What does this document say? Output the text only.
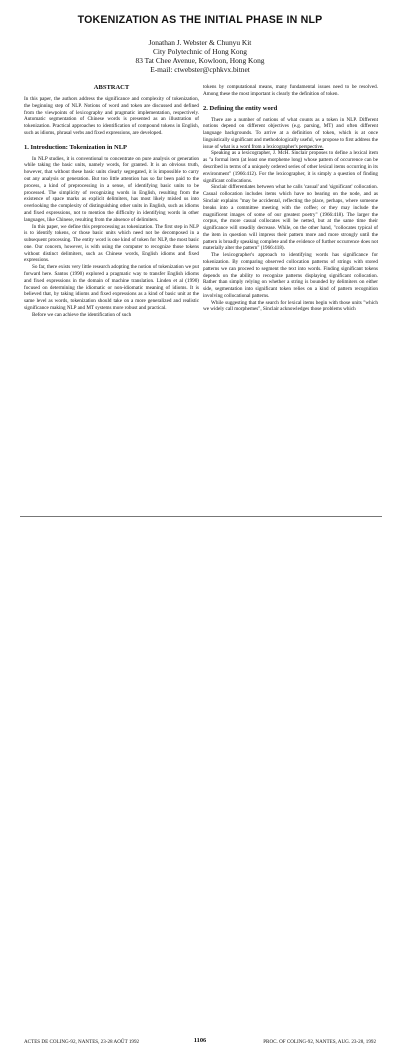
TOKENIZATION AS THE INITIAL PHASE IN NLP
Jonathan J. Webster & Chunyu Kit
City Polytechnic of Hong Kong
83 Tat Chee Avenue, Kowloon, Hong Kong
E-mail: ctwebster@cphkvx.bitnet
ABSTRACT

In this paper, the authors address the significance and complexity of tokenization, the beginning step of NLP. Notions of word and token are discussed and defined from the viewpoints of lexicography and pragmatic implementation, respectively. Automatic segmentation of Chinese words is presented as an illustration of tokenization. Practical approaches to identification of compound tokens in English, such as idioms, phrasal verbs and fixed expressions, are developed.

1. Introduction: Tokenization in NLP

In NLP studies, it is conventional to concentrate on pure analysis or generation while taking the basic units, namely words, for granted. It is an obvious truth, however, that without these basic units clearly segregated, it is impossible to carry out any analysis or generation. But too little attention has so far been paid to the process, a kind of preprocessing in a sense, of identifying basic units to be processed. The simplicity of recognizing words in English, resulting from the existence of space marks as explicit delimiters, has most likely misled us into overlooking the complexity of distinguishing other units in English, such as idioms and fixed expressions, not to mention the difficulty in identifying words in other languages, like Chinese, resulting from the absence of delimiters.

In this paper, we define this preprocessing as tokenization. The first step in NLP is to identify tokens, or those basic units which need not be decomposed in a subsequent processing. The entity word is one kind of token for NLP, the most basic one. Our concern, however, is with using the computer to recognize those tokens without distinct delimiters, such as Chinese words, English idioms and fixed expressions.

So far, there exists very little research adopting the notion of tokenization we put forward here. Santos (1990) explored a pragmatic way to transfer English idioms and fixed expressions in the domain of machine translation. Linden et al (1990) focused on determining the idiomatic or non-idiomatic meaning of idioms. It is believed that, by taking idioms and fixed expressions as a kind of basic unit at the same level as words, tokenization should take on a more generalized and realistic significance making NLP and MT systems more robust and practical.

Before we can achieve the identification of such

tokens by computational means, many fundamental issues need to be resolved. Among these the most important is clearly the definition of token.

2. Defining the entity word

There are a number of notions of what counts as a token in NLP. Different notions depend on different objectives (e.g. parsing, MT) and often different language backgrounds. To arrive at a definition of token, which is at once linguistically significant and methodologically useful, we propose to first address the issue of what is a word from a lexicographer's perspective.

Speaking as a lexicographer, J. McH. Sinclair proposes to define a lexical item as "a formal item (at least one morpheme long) whose pattern of occurrence can be described in terms of a uniquely ordered series of other lexical items occurring in its environment" (1966:412). For the lexicographer, it is simply a question of finding significant collocations.

Sinclair differentiates between what he calls 'casual' and 'significant' collocation. Casual collocation includes items which have no bearing on the node, and as Sinclair explains "may be accidental, reflecting the place, perhaps, where someone breaks into a committee meeting with the coffee; or they may include the magnificent images of some of our greatest poetry" (1966:418). The larger the corpus, the more casual collocates will be netted, but at the same time their significance will steadily decrease. While, on the other hand, "collocates typical of the item in question will impress their pattern more and more strongly until the pattern is broadly speaking complete and the evidence of further occurrence does not materially alter the pattern" (1966:418).

The lexicographer's approach to identifying words has significance for tokenization. By comparing observed collocation patterns of strings with stored patterns we can proceed to segment the text into words. Finding significant tokens depends on the ability to recognize patterns displaying significant collocation. Rather than simply relying on whether a string is bounded by delimiters on either side, segmentation into significant token relies on a kind of pattern recognition involving collocational patterns.

While suggesting that the search for lexical items begin with those units "which we widely call morphemes", Sinclair acknowledges those problems which

ACTES DE COLING-92, NANTES, 23-28 AOÛT 1992	1106	PROC. OF COLING-92, NANTES, AUG. 23-28, 1992
